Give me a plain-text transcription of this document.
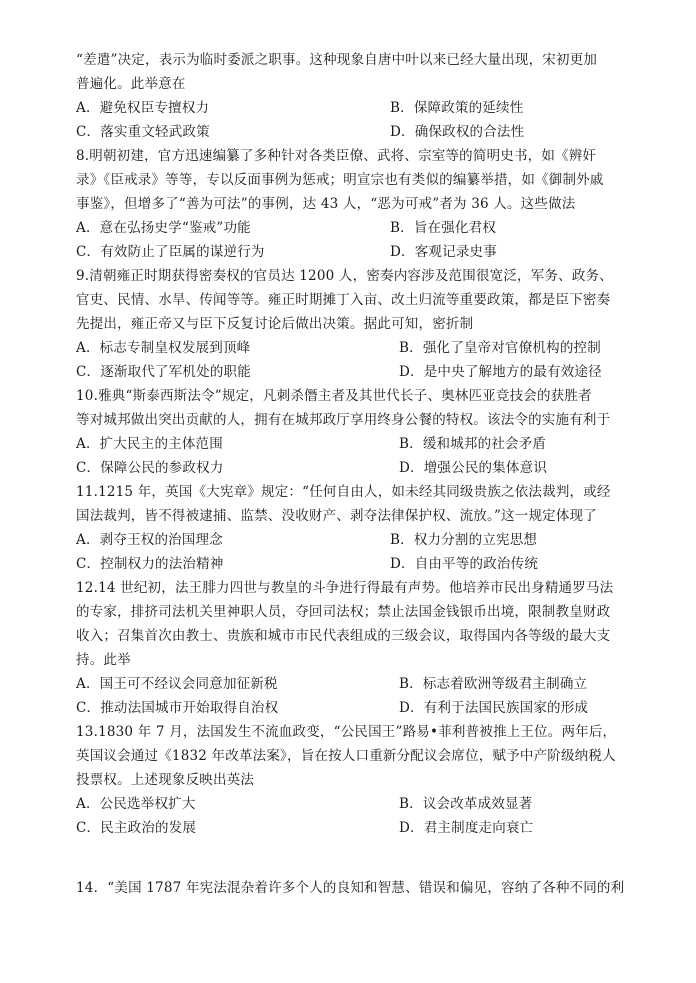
“差遣”决定，表示为临时委派之职事。这种现象自唐中叶以来已经大量出现，宋初更加
普遍化。此举意在
A．避免权臣专擅权力	B．保障政策的延续性
C．落实重文轻武政策	D．确保政权的合法性
8.明朝初建，官方迅速编纂了多种针对各类臣僚、武将、宗室等的简明史书，如《辨奸
录》《臣戒录》等等，专以反面事例为惩戒；明宣宗也有类似的编纂举措，如《御制外戚
事鉴》，但增多了“善为可法”的事例，达 43 人，“恶为可戒”者为 36 人。这些做法
A．意在弘扬史学“鉴戒”功能	B．旨在强化君权
C．有效防止了臣属的谋逆行为	D．客观记录史事
9.清朝雍正时期获得密奏权的官员达 1200 人，密奏内容涉及范围很宽泛，军务、政务、
官吏、民情、水旱、传闻等等。雍正时期摊丁入亩、改土归流等重要政策，都是臣下密奏
先提出，雍正帝又与臣下反复讨论后做出决策。据此可知，密折制
A．标志专制皇权发展到顶峰	B．强化了皇帝对官僚机构的控制
C．逐渐取代了军机处的职能	D．是中央了解地方的最有效途径
10.雅典“斯泰西斯法令”规定，凡刺杀僭主者及其世代长子、奥林匹亚竞技会的获胜者
等对城邦做出突出贡献的人，拥有在城邦政厅享用终身公餐的特权。该法令的实施有利于
A．扩大民主的主体范围	B．缓和城邦的社会矛盾
C．保障公民的参政权力	D．增强公民的集体意识
11.1215 年，英国《大宪章》规定：“任何自由人，如未经其同级贵族之依法裁判，或经
国法裁判，皆不得被逮捕、监禁、没收财产、剥夺法律保护权、流放。”这一规定体现了
A．剥夺王权的治国理念	B．权力分割的立宪思想
C．控制权力的法治精神	D．自由平等的政治传统
12.14 世纪初，法王腓力四世与教皇的斗争进行得最有声势。他培养市民出身精通罗马法
的专家，排挤司法机关里神职人员，夺回司法权；禁止法国金钱银币出境，限制教皇财政
收入；召集首次由教士、贵族和城市市民代表组成的三级会议，取得国内各等级的最大支
持。此举
A．国王可不经议会同意加征新税	B．标志着欧洲等级君主制确立
C．推动法国城市开始取得自治权	D．有利于法国民族国家的形成
13.1830 年 7 月，法国发生不流血政变，“公民国王”路易•菲利普被推上王位。两年后，
英国议会通过《1832 年改革法案》，旨在按人口重新分配议会席位，赋予中产阶级纳税人
投票权。上述现象反映出英法
A．公民选举权扩大	B．议会改革成效显著
C．民主政治的发展	D．君主制度走向衰亡
14．“美国 1787 年宪法混杂着许多个人的良知和智慧、错误和偏见，容纳了各种不同的利
